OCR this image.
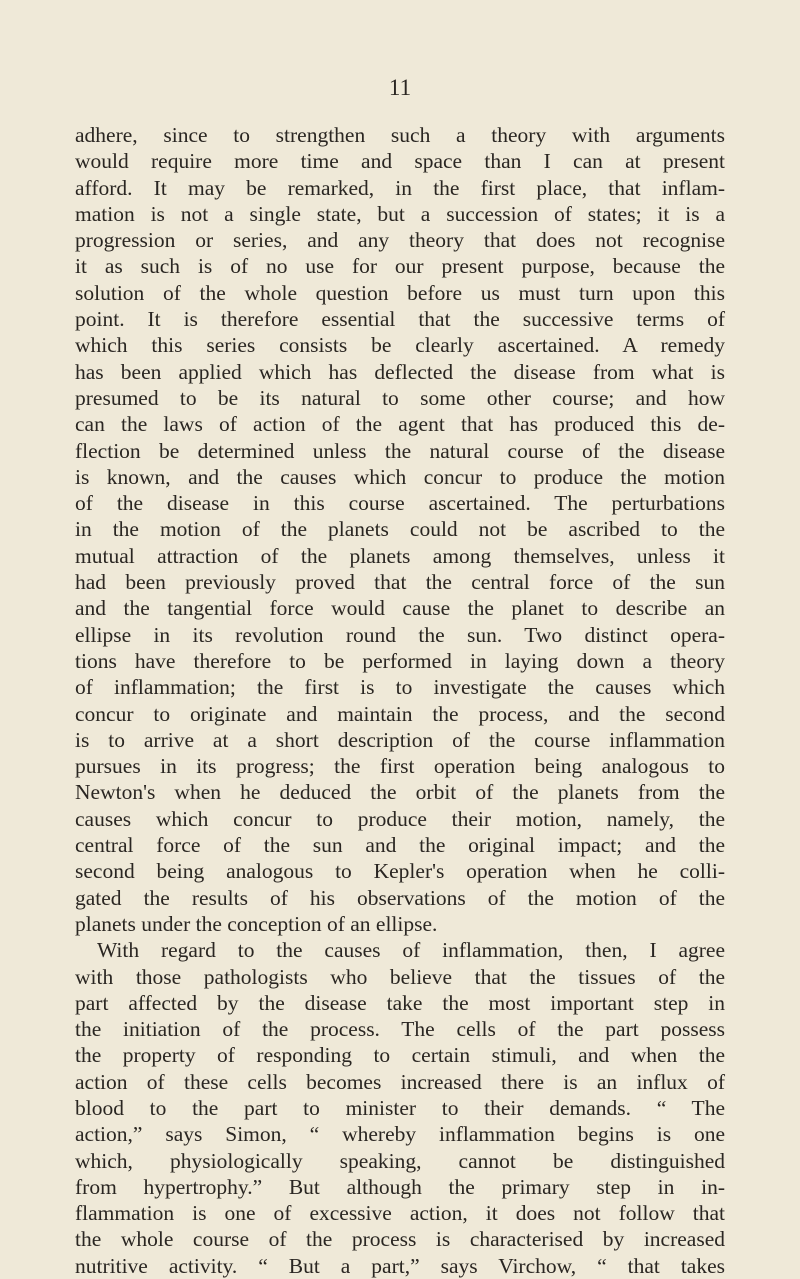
11
adhere, since to strengthen such a theory with arguments
would require more time and space than I can at present
afford. It may be remarked, in the first place, that inflam-
mation is not a single state, but a succession of states; it is a
progression or series, and any theory that does not recognise
it as such is of no use for our present purpose, because the
solution of the whole question before us must turn upon this
point. It is therefore essential that the successive terms of
which this series consists be clearly ascertained. A remedy
has been applied which has deflected the disease from what is
presumed to be its natural to some other course; and how
can the laws of action of the agent that has produced this de-
flection be determined unless the natural course of the disease
is known, and the causes which concur to produce the motion
of the disease in this course ascertained. The perturbations
in the motion of the planets could not be ascribed to the
mutual attraction of the planets among themselves, unless it
had been previously proved that the central force of the sun
and the tangential force would cause the planet to describe an
ellipse in its revolution round the sun. Two distinct opera-
tions have therefore to be performed in laying down a theory
of inflammation; the first is to investigate the causes which
concur to originate and maintain the process, and the second
is to arrive at a short description of the course inflammation
pursues in its progress; the first operation being analogous to
Newton's when he deduced the orbit of the planets from the
causes which concur to produce their motion, namely, the
central force of the sun and the original impact; and the
second being analogous to Kepler's operation when he colli-
gated the results of his observations of the motion of the
planets under the conception of an ellipse.
With regard to the causes of inflammation, then, I agree
with those pathologists who believe that the tissues of the
part affected by the disease take the most important step in
the initiation of the process. The cells of the part possess
the property of responding to certain stimuli, and when the
action of these cells becomes increased there is an influx of
blood to the part to minister to their demands. “ The
action,” says Simon, “ whereby inflammation begins is one
which, physiologically speaking, cannot be distinguished
from hypertrophy.” But although the primary step in in-
flammation is one of excessive action, it does not follow that
the whole course of the process is characterised by increased
nutritive activity. “ But a part,” says Virchow, “ that takes
